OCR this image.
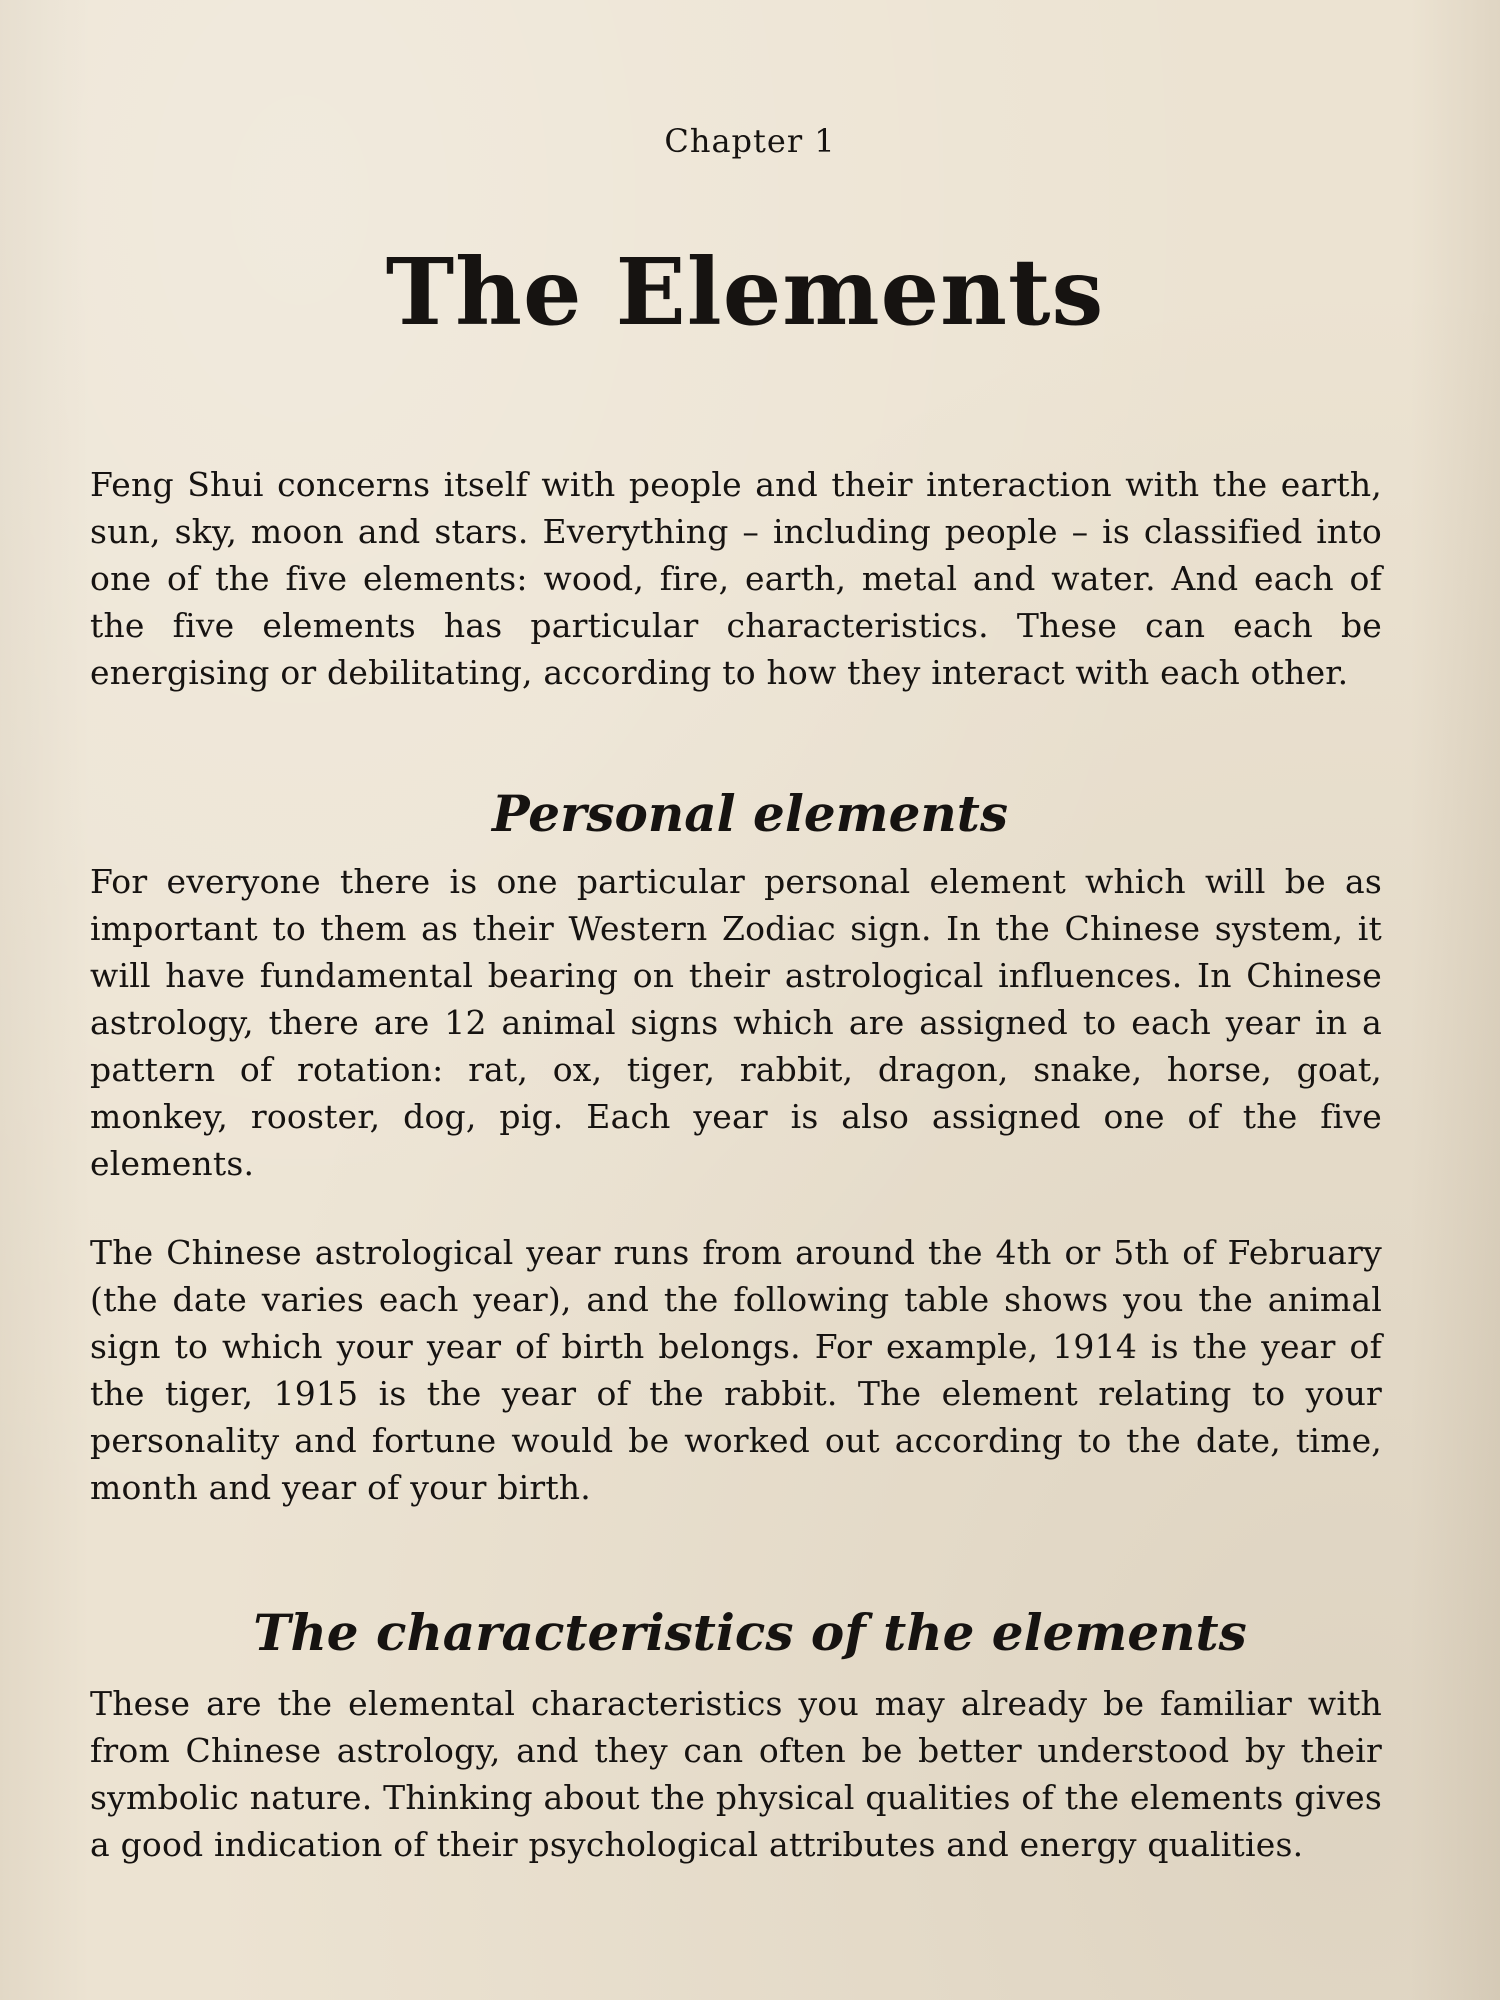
Chapter 1
The Elements

Feng Shui concerns itself with people and their interaction with the earth, sun, sky, moon and stars. Everything – including people – is classified into one of the five elements: wood, fire, earth, metal and water. And each of the five elements has particular characteristics. These can each be energising or debilitating, according to how they interact with each other.

Personal elements

For everyone there is one particular personal element which will be as important to them as their Western Zodiac sign. In the Chinese system, it will have fundamental bearing on their astrological influences. In Chinese astrology, there are 12 animal signs which are assigned to each year in a pattern of rotation: rat, ox, tiger, rabbit, dragon, snake, horse, goat, monkey, rooster, dog, pig. Each year is also assigned one of the five elements.

The Chinese astrological year runs from around the 4th or 5th of February (the date varies each year), and the following table shows you the animal sign to which your year of birth belongs. For example, 1914 is the year of the tiger, 1915 is the year of the rabbit. The element relating to your personality and fortune would be worked out according to the date, time, month and year of your birth.

The characteristics of the elements

These are the elemental characteristics you may already be familiar with from Chinese astrology, and they can often be better understood by their symbolic nature. Thinking about the physical qualities of the elements gives a good indication of their psychological attributes and energy qualities.
